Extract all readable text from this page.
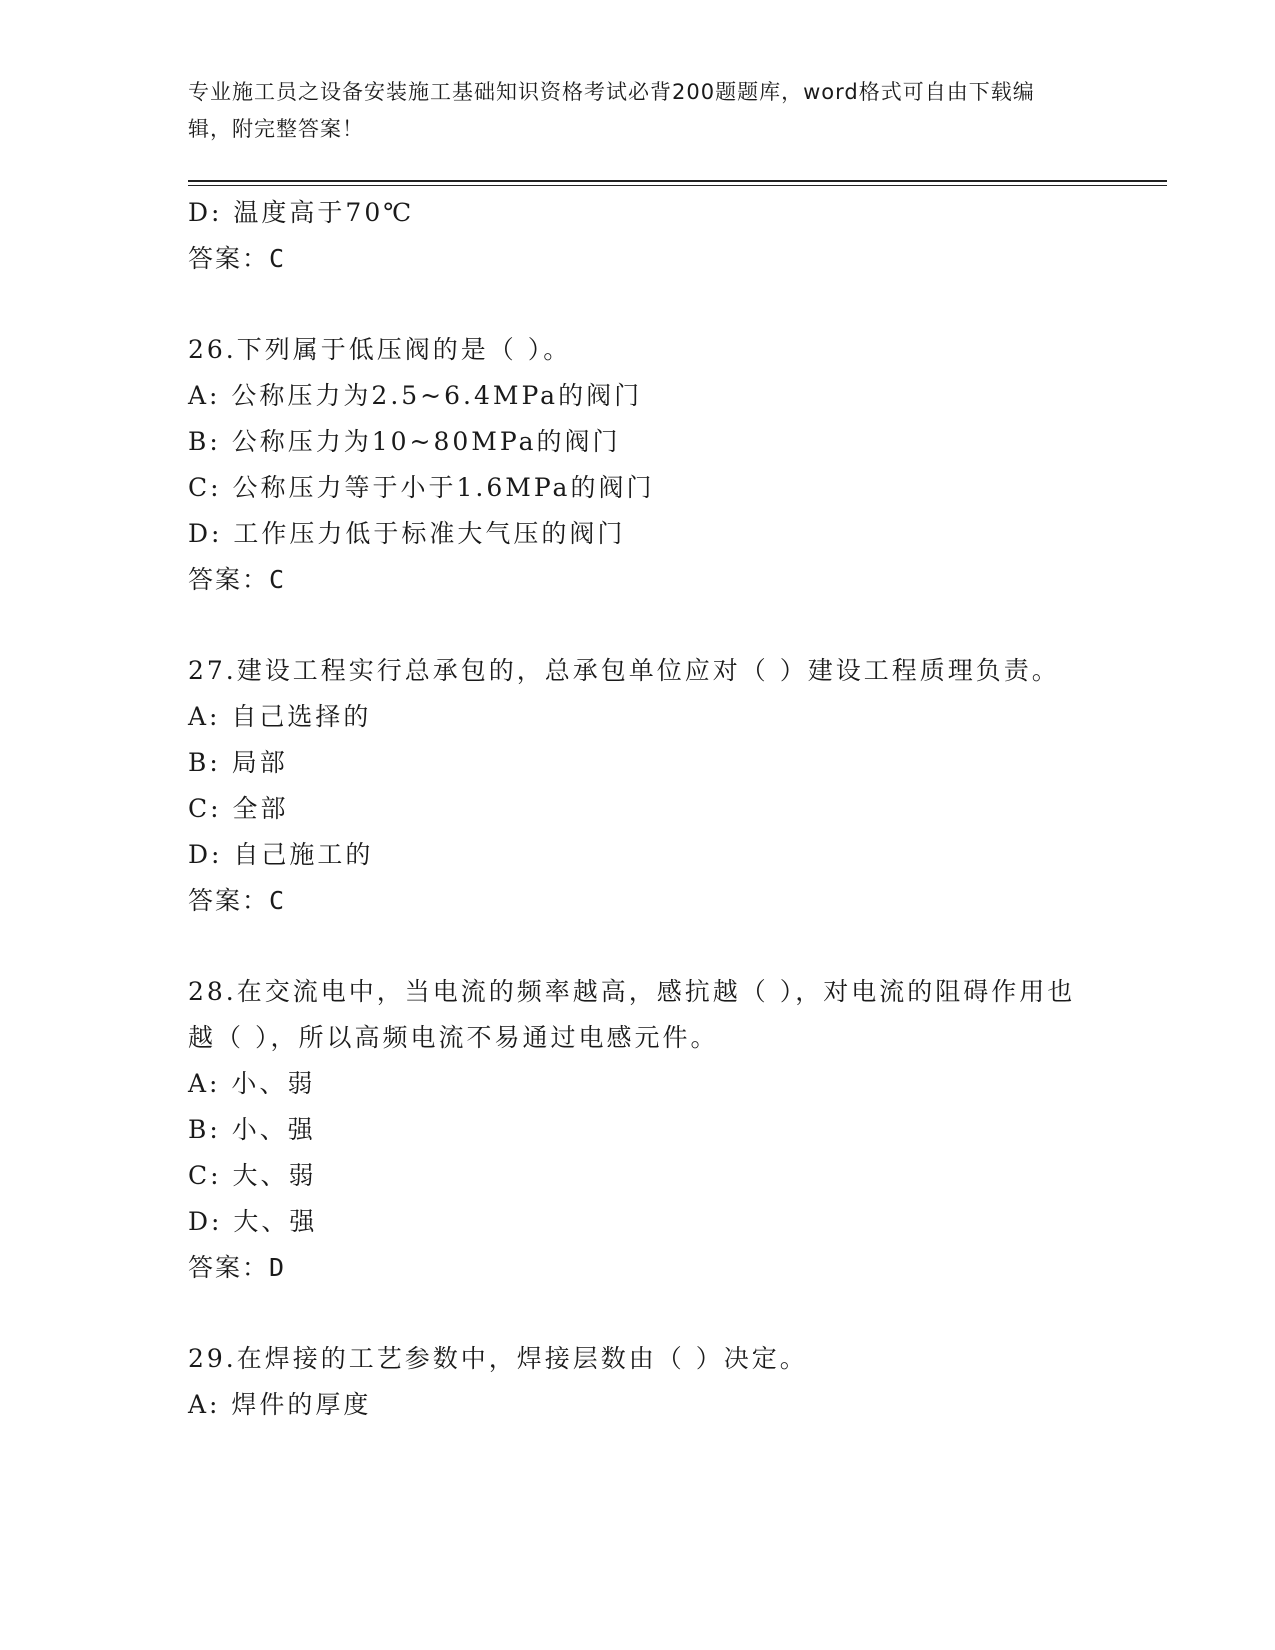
专业施工员之设备安装施工基础知识资格考试必背200题题库，word格式可自由下载编辑，附完整答案！
D: 温度高于70℃
答案：C
26.下列属于低压阀的是（ ）。
A: 公称压力为2.5~6.4MPa的阀门
B: 公称压力为10~80MPa的阀门
C: 公称压力等于小于1.6MPa的阀门
D: 工作压力低于标准大气压的阀门
答案：C
27.建设工程实行总承包的，总承包单位应对（ ）建设工程质理负责。
A: 自己选择的
B: 局部
C: 全部
D: 自己施工的
答案：C
28.在交流电中，当电流的频率越高，感抗越（ ），对电流的阻碍作用也越（ ），所以高频电流不易通过电感元件。
A: 小、弱
B: 小、强
C: 大、弱
D: 大、强
答案：D
29.在焊接的工艺参数中，焊接层数由（ ）决定。
A: 焊件的厚度
